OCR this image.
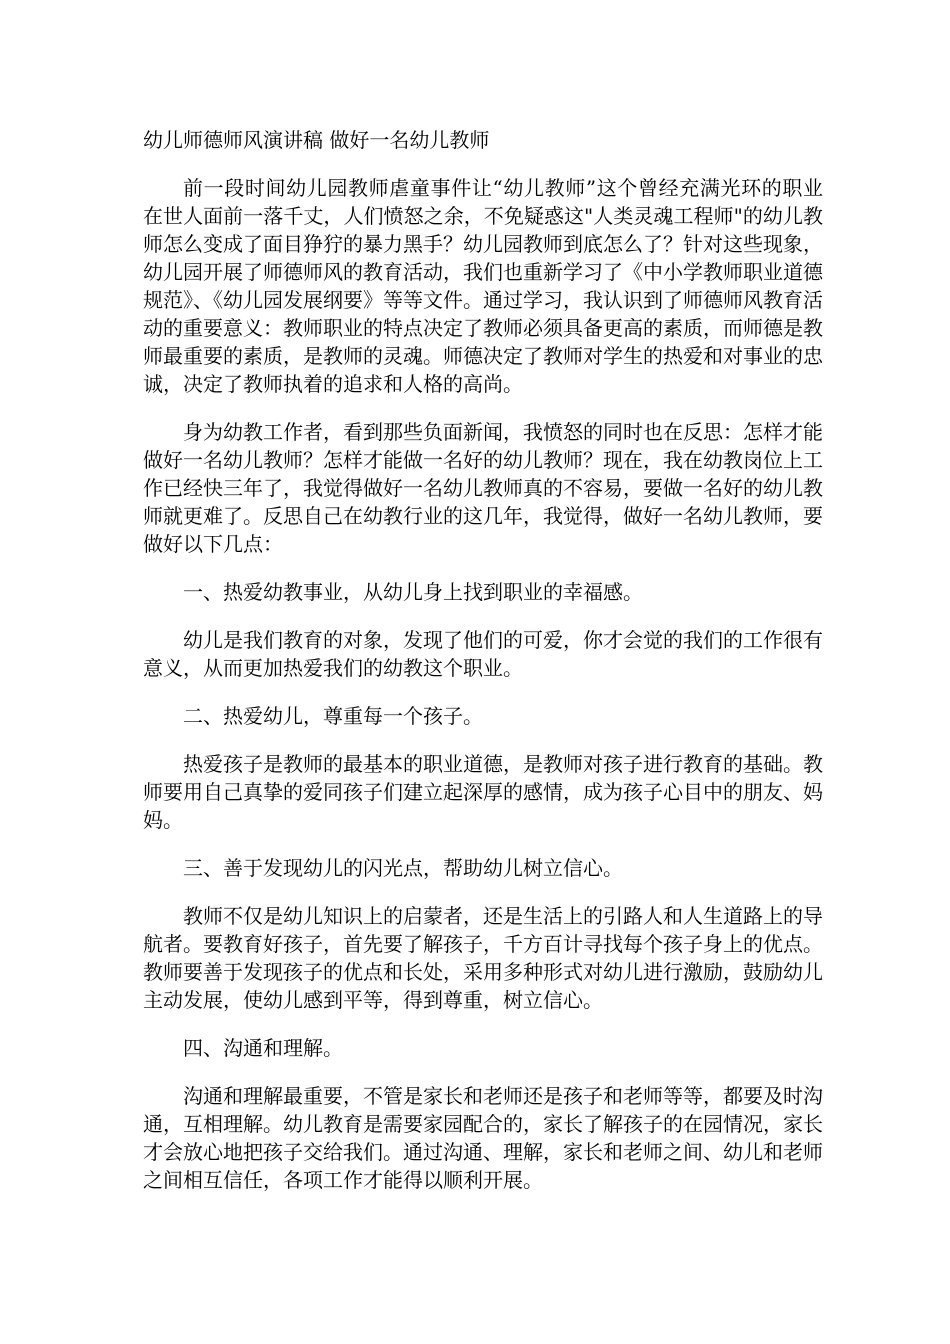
幼儿师德师风演讲稿 做好一名幼儿教师

前一段时间幼儿园教师虐童事件让“幼儿教师”这个曾经充满光环的职业在世人面前一落千丈，人们愤怒之余，不免疑惑这"人类灵魂工程师"的幼儿教师怎么变成了面目狰狞的暴力黑手？幼儿园教师到底怎么了？针对这些现象，幼儿园开展了师德师风的教育活动，我们也重新学习了《中小学教师职业道德规范》、《幼儿园发展纲要》等等文件。通过学习，我认识到了师德师风教育活动的重要意义：教师职业的特点决定了教师必须具备更高的素质，而师德是教师最重要的素质，是教师的灵魂。师德决定了教师对学生的热爱和对事业的忠诚，决定了教师执着的追求和人格的高尚。

身为幼教工作者，看到那些负面新闻，我愤怒的同时也在反思：怎样才能做好一名幼儿教师？怎样才能做一名好的幼儿教师？现在，我在幼教岗位上工作已经快三年了，我觉得做好一名幼儿教师真的不容易，要做一名好的幼儿教师就更难了。反思自己在幼教行业的这几年，我觉得，做好一名幼儿教师，要做好以下几点：

一、热爱幼教事业，从幼儿身上找到职业的幸福感。

幼儿是我们教育的对象，发现了他们的可爱，你才会觉的我们的工作很有意义，从而更加热爱我们的幼教这个职业。

二、热爱幼儿，尊重每一个孩子。

热爱孩子是教师的最基本的职业道德，是教师对孩子进行教育的基础。教师要用自己真挚的爱同孩子们建立起深厚的感情，成为孩子心目中的朋友、妈妈。

三、善于发现幼儿的闪光点，帮助幼儿树立信心。

教师不仅是幼儿知识上的启蒙者，还是生活上的引路人和人生道路上的导航者。要教育好孩子，首先要了解孩子，千方百计寻找每个孩子身上的优点。教师要善于发现孩子的优点和长处，采用多种形式对幼儿进行激励，鼓励幼儿主动发展，使幼儿感到平等，得到尊重，树立信心。

四、沟通和理解。

沟通和理解最重要，不管是家长和老师还是孩子和老师等等，都要及时沟通，互相理解。幼儿教育是需要家园配合的，家长了解孩子的在园情况，家长才会放心地把孩子交给我们。通过沟通、理解，家长和老师之间、幼儿和老师之间相互信任，各项工作才能得以顺利开展。
